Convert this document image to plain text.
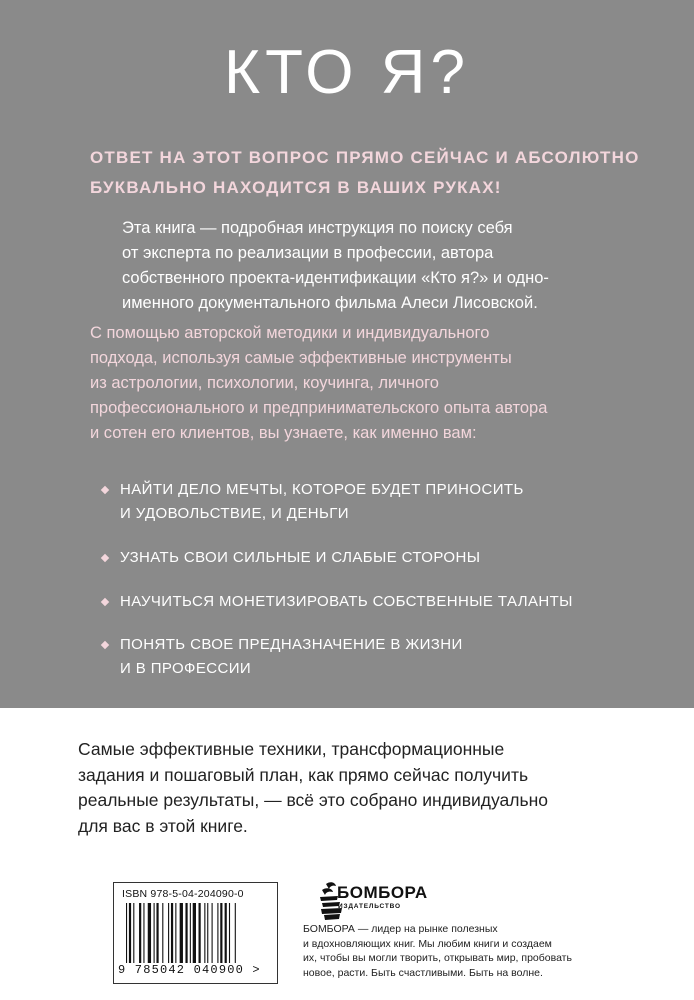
КТО Я?
ОТВЕТ НА ЭТОТ ВОПРОС ПРЯМО СЕЙЧАС И АБСОЛЮТНО
БУКВАЛЬНО НАХОДИТСЯ В ВАШИХ РУКАХ!
Эта книга — подробная инструкция по поиску себя
от эксперта по реализации в профессии, автора
собственного проекта-идентификации «Кто я?» и одно-
именного документального фильма Алеси Лисовской.
С помощью авторской методики и индивидуального
подхода, используя самые эффективные инструменты
из астрологии, психологии, коучинга, личного
профессионального и предпринимательского опыта автора
и сотен его клиентов, вы узнаете, как именно вам:
НАЙТИ ДЕЛО МЕЧТЫ, КОТОРОЕ БУДЕТ ПРИНОСИТЬ
И УДОВОЛЬСТВИЕ, И ДЕНЬГИ
УЗНАТЬ СВОИ СИЛЬНЫЕ И СЛАБЫЕ СТОРОНЫ
НАУЧИТЬСЯ МОНЕТИЗИРОВАТЬ СОБСТВЕННЫЕ ТАЛАНТЫ
ПОНЯТЬ СВОЕ ПРЕДНАЗНАЧЕНИЕ В ЖИЗНИ
И В ПРОФЕССИИ
Самые эффективные техники, трансформационные
задания и пошаговый план, как прямо сейчас получить
реальные результаты, — всё это собрано индивидуально
для вас в этой книге.
ISBN 978-5-04-204090-0
9 785042 040900 >
БОМБОРА
ИЗДАТЕЛЬСТВО
БОМБОРА — лидер на рынке полезных
и вдохновляющих книг. Мы любим книги и создаем
их, чтобы вы могли творить, открывать мир, пробовать
новое, расти. Быть счастливыми. Быть на волне.
